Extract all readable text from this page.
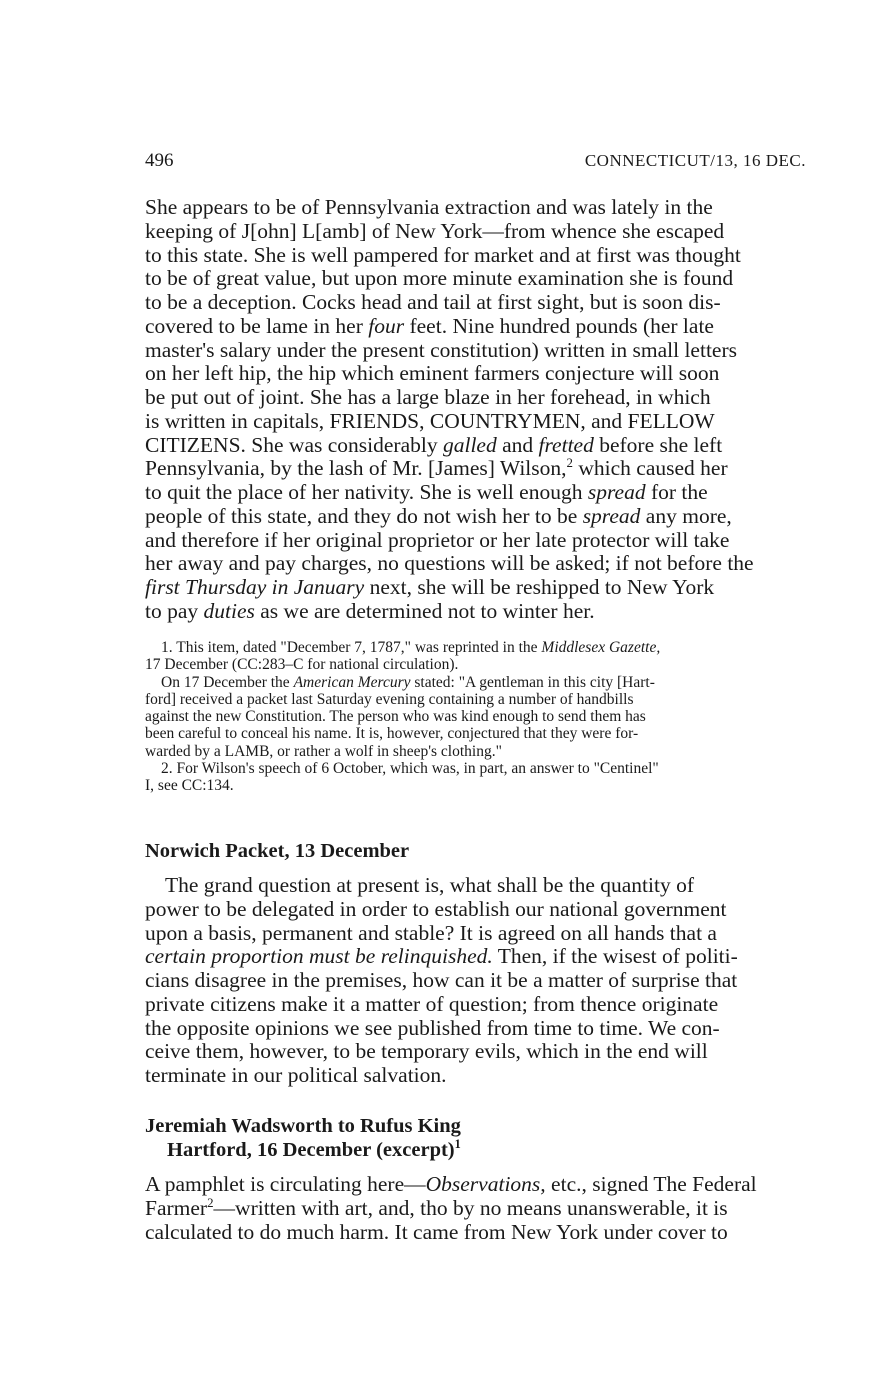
496	CONNECTICUT/13, 16 DEC.

She appears to be of Pennsylvania extraction and was lately in the

keeping of J[ohn] L[amb] of New York—from whence she escaped

to this state. She is well pampered for market and at first was thought

to be of great value, but upon more minute examination she is found

to be a deception. Cocks head and tail at first sight, but is soon dis-

covered to be lame in her four feet. Nine hundred pounds (her late

master's salary under the present constitution) written in small letters

on her left hip, the hip which eminent farmers conjecture will soon

be put out of joint. She has a large blaze in her forehead, in which

is written in capitals, FRIENDS, COUNTRYMEN, and FELLOW

CITIZENS. She was considerably galled and fretted before she left

Pennsylvania, by the lash of Mr. [James] Wilson,$^2$ which caused her

to quit the place of her nativity. She is well enough spread for the

people of this state, and they do not wish her to be spread any more,

and therefore if her original proprietor or her late protector will take

her away and pay charges, no questions will be asked; if not before the

first Thursday in January next, she will be reshipped to New York

to pay duties as we are determined not to winter her.

1. This item, dated "December 7, 1787," was reprinted in the Middlesex Gazette,

17 December (CC:283–C for national circulation).

On 17 December the American Mercury stated: "A gentleman in this city [Hart-

ford] received a packet last Saturday evening containing a number of handbills

against the new Constitution. The person who was kind enough to send them has

been careful to conceal his name. It is, however, conjectured that they were for-

warded by a LAMB, or rather a wolf in sheep's clothing."

2. For Wilson's speech of 6 October, which was, in part, an answer to "Centinel"

I, see CC:134.

Norwich Packet, 13 December

The grand question at present is, what shall be the quantity of

power to be delegated in order to establish our national government

upon a basis, permanent and stable? It is agreed on all hands that a

certain proportion must be relinquished. Then, if the wisest of politi-

cians disagree in the premises, how can it be a matter of surprise that

private citizens make it a matter of question; from thence originate

the opposite opinions we see published from time to time. We con-

ceive them, however, to be temporary evils, which in the end will

terminate in our political salvation.

Jeremiah Wadsworth to Rufus King
Hartford, 16 December (excerpt)$^1$

A pamphlet is circulating here—Observations, etc., signed The Federal

Farmer$^2$—written with art, and, tho by no means unanswerable, it is

calculated to do much harm. It came from New York under cover to
